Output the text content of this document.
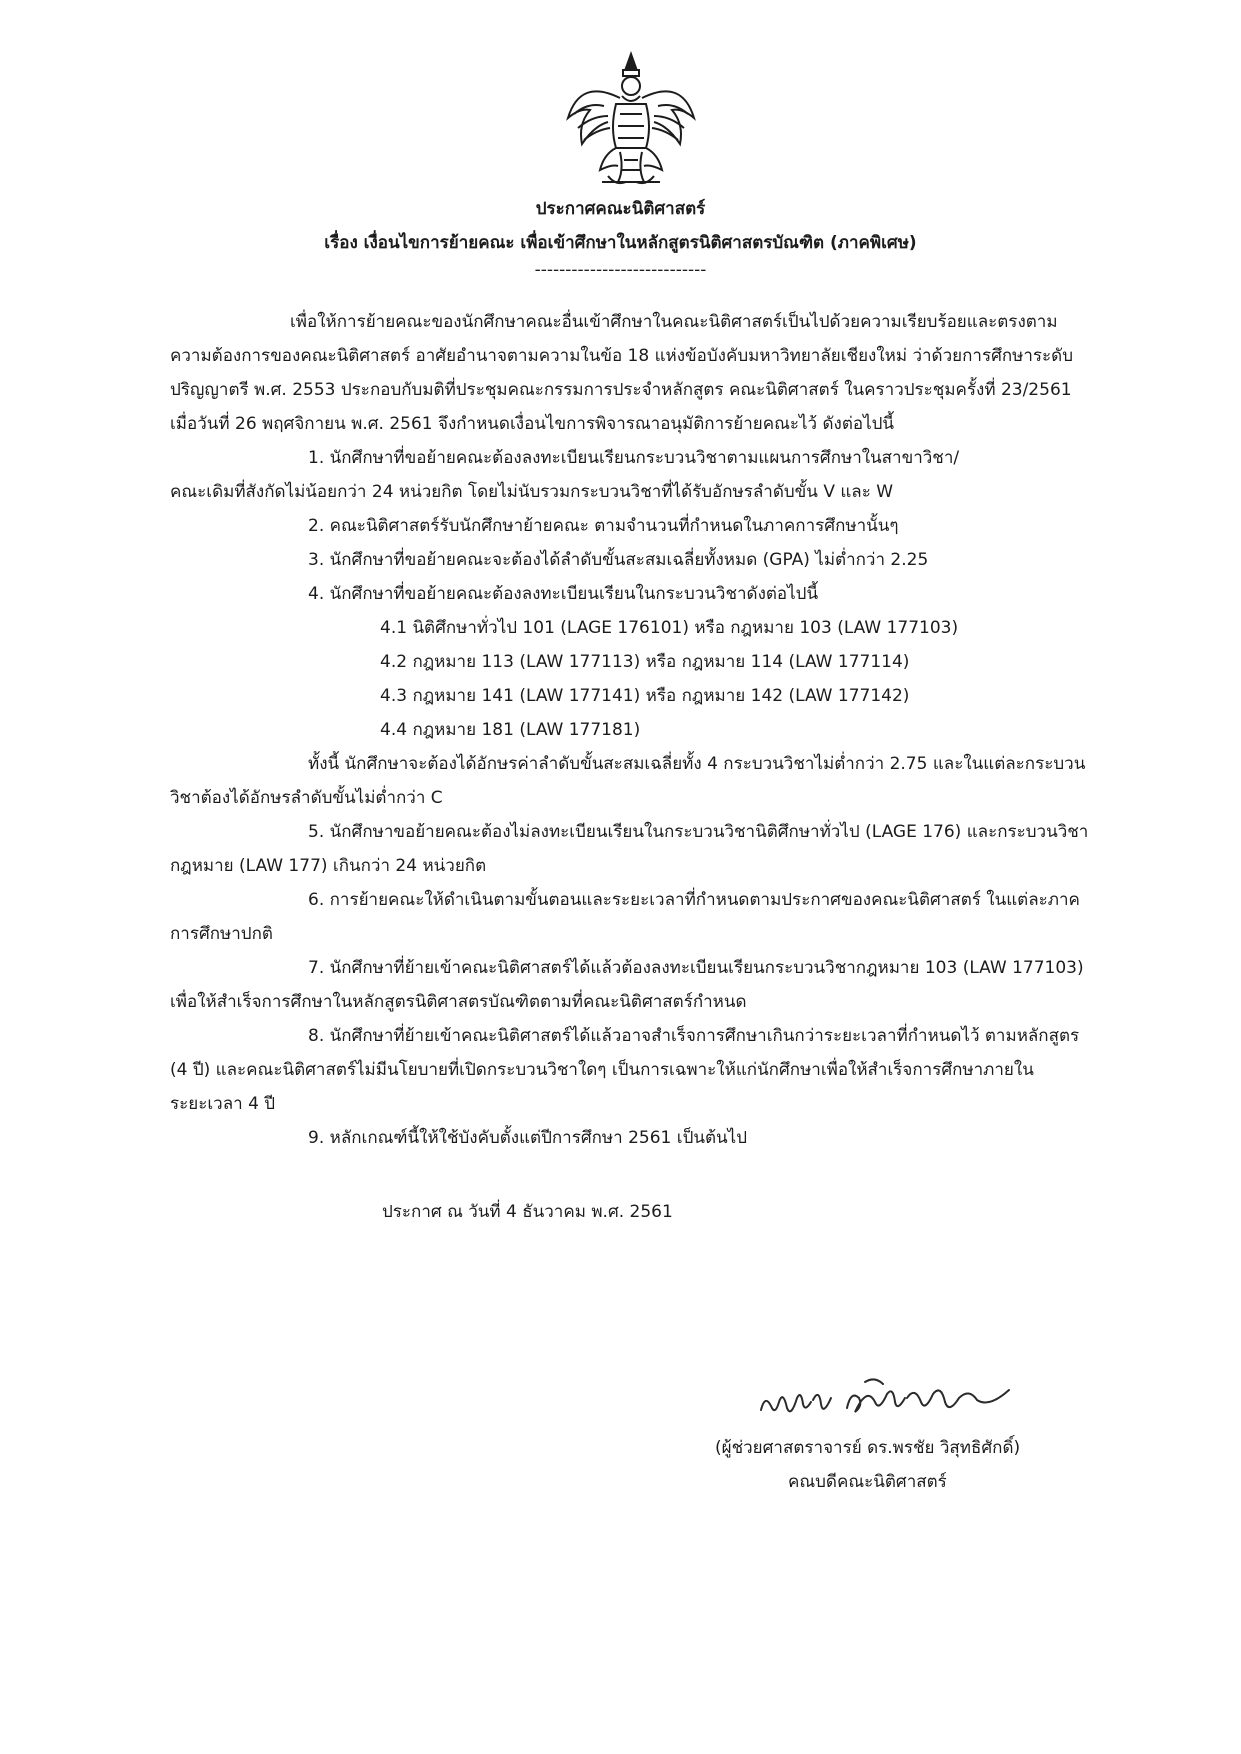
ประกาศคณะนิติศาสตร์
เรื่อง เงื่อนไขการย้ายคณะ เพื่อเข้าศึกษาในหลักสูตรนิติศาสตรบัณฑิต (ภาคพิเศษ)
----------------------------
เพื่อให้การย้ายคณะของนักศึกษาคณะอื่นเข้าศึกษาในคณะนิติศาสตร์เป็นไปด้วยความเรียบร้อยและตรงตาม
ความต้องการของคณะนิติศาสตร์ อาศัยอำนาจตามความในข้อ 18 แห่งข้อบังคับมหาวิทยาลัยเชียงใหม่ ว่าด้วยการศึกษาระดับ
ปริญญาตรี พ.ศ. 2553 ประกอบกับมติที่ประชุมคณะกรรมการประจำหลักสูตร คณะนิติศาสตร์ ในคราวประชุมครั้งที่ 23/2561
เมื่อวันที่ 26 พฤศจิกายน พ.ศ. 2561 จึงกำหนดเงื่อนไขการพิจารณาอนุมัติการย้ายคณะไว้ ดังต่อไปนี้
1. นักศึกษาที่ขอย้ายคณะต้องลงทะเบียนเรียนกระบวนวิชาตามแผนการศึกษาในสาขาวิชา/
คณะเดิมที่สังกัดไม่น้อยกว่า 24 หน่วยกิต โดยไม่นับรวมกระบวนวิชาที่ได้รับอักษรลำดับขั้น V และ W
2. คณะนิติศาสตร์รับนักศึกษาย้ายคณะ ตามจำนวนที่กำหนดในภาคการศึกษานั้นๆ
3. นักศึกษาที่ขอย้ายคณะจะต้องได้ลำดับขั้นสะสมเฉลี่ยทั้งหมด (GPA) ไม่ต่ำกว่า 2.25
4. นักศึกษาที่ขอย้ายคณะต้องลงทะเบียนเรียนในกระบวนวิชาดังต่อไปนี้
4.1 นิติศึกษาทั่วไป 101 (LAGE 176101) หรือ กฎหมาย 103 (LAW 177103)
4.2 กฎหมาย 113 (LAW 177113) หรือ กฎหมาย 114 (LAW 177114)
4.3 กฎหมาย 141 (LAW 177141) หรือ กฎหมาย 142 (LAW 177142)
4.4 กฎหมาย 181 (LAW 177181)
ทั้งนี้ นักศึกษาจะต้องได้อักษรค่าลำดับขั้นสะสมเฉลี่ยทั้ง 4 กระบวนวิชาไม่ต่ำกว่า 2.75 และในแต่ละกระบวน
วิชาต้องได้อักษรลำดับขั้นไม่ต่ำกว่า C
5. นักศึกษาขอย้ายคณะต้องไม่ลงทะเบียนเรียนในกระบวนวิชานิติศึกษาทั่วไป (LAGE 176) และกระบวนวิชา
กฎหมาย (LAW 177) เกินกว่า 24 หน่วยกิต
6. การย้ายคณะให้ดำเนินตามขั้นตอนและระยะเวลาที่กำหนดตามประกาศของคณะนิติศาสตร์ ในแต่ละภาค
การศึกษาปกติ
7. นักศึกษาที่ย้ายเข้าคณะนิติศาสตร์ได้แล้วต้องลงทะเบียนเรียนกระบวนวิชากฎหมาย 103 (LAW 177103)
เพื่อให้สำเร็จการศึกษาในหลักสูตรนิติศาสตรบัณฑิตตามที่คณะนิติศาสตร์กำหนด
8. นักศึกษาที่ย้ายเข้าคณะนิติศาสตร์ได้แล้วอาจสำเร็จการศึกษาเกินกว่าระยะเวลาที่กำหนดไว้ ตามหลักสูตร
(4 ปี) และคณะนิติศาสตร์ไม่มีนโยบายที่เปิดกระบวนวิชาใดๆ เป็นการเฉพาะให้แก่นักศึกษาเพื่อให้สำเร็จการศึกษาภายใน
ระยะเวลา 4 ปี
9. หลักเกณฑ์นี้ให้ใช้บังคับตั้งแต่ปีการศึกษา 2561 เป็นต้นไป
ประกาศ ณ วันที่ 4 ธันวาคม พ.ศ. 2561
(ผู้ช่วยศาสตราจารย์ ดร.พรชัย วิสุทธิศักดิ์)
คณบดีคณะนิติศาสตร์
